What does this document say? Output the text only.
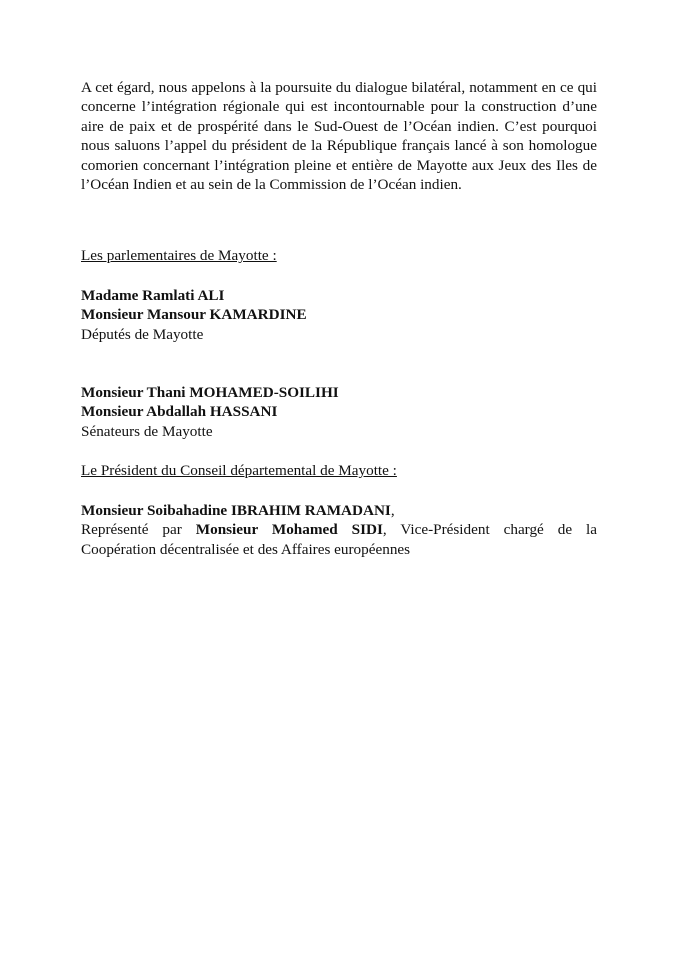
A cet égard, nous appelons à la poursuite du dialogue bilatéral, notamment en ce qui concerne l’intégration régionale qui est incontournable pour la construction d’une aire de paix et de prospérité dans le Sud-Ouest de l’Océan indien. C’est pourquoi nous saluons l’appel du président de la République français lancé à son homologue comorien concernant l’intégration pleine et entière de Mayotte aux Jeux des Iles de l’Océan Indien et au sein de la Commission de l’Océan indien.

Les parlementaires de Mayotte :

Madame Ramlati ALI
Monsieur Mansour KAMARDINE
Députés de Mayotte
Monsieur Thani MOHAMED-SOILIHI
Monsieur Abdallah HASSANI
Sénateurs de Mayotte

Le Président du Conseil départemental de Mayotte :

Monsieur Soibahadine IBRAHIM RAMADANI,
Représenté par Monsieur Mohamed SIDI, Vice-Président chargé de la
Coopération décentralisée et des Affaires européennes
